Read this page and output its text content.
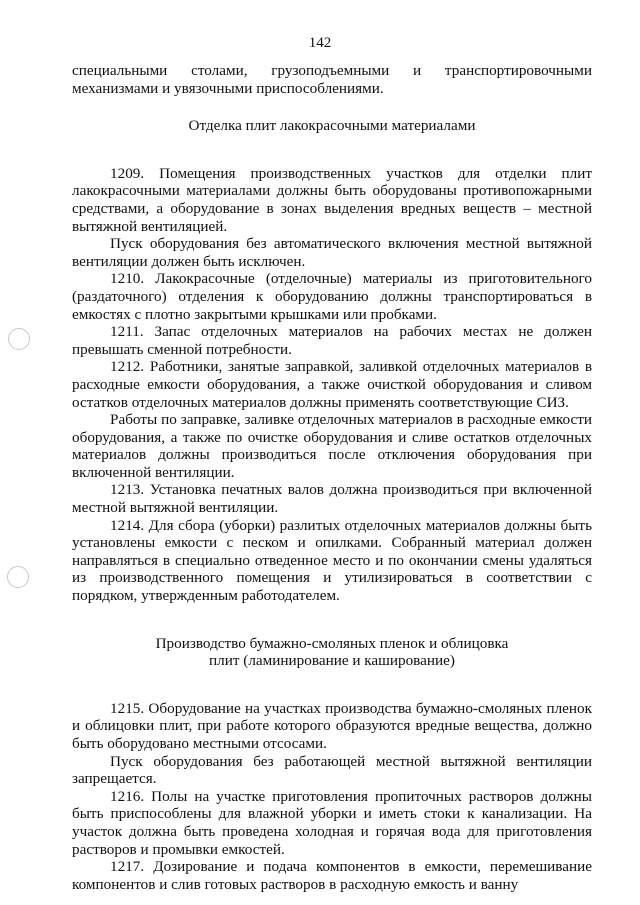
142

специальными столами, грузоподъемными и транспортировочными механизмами и увязочными приспособлениями.

Отделка плит лакокрасочными материалами

1209. Помещения производственных участков для отделки плит лакокрасочными материалами должны быть оборудованы противопожарными средствами, а оборудование в зонах выделения вредных веществ – местной вытяжной вентиляцией.

Пуск оборудования без автоматического включения местной вытяжной вентиляции должен быть исключен.

1210. Лакокрасочные (отделочные) материалы из приготовительного (раздаточного) отделения к оборудованию должны транспортироваться в емкостях с плотно закрытыми крышками или пробками.

1211. Запас отделочных материалов на рабочих местах не должен превышать сменной потребности.

1212. Работники, занятые заправкой, заливкой отделочных материалов в расходные емкости оборудования, а также очисткой оборудования и сливом остатков отделочных материалов должны применять соответствующие СИЗ.

Работы по заправке, заливке отделочных материалов в расходные емкости оборудования, а также по очистке оборудования и сливе остатков отделочных материалов должны производиться после отключения оборудования при включенной вентиляции.

1213. Установка печатных валов должна производиться при включенной местной вытяжной вентиляции.

1214. Для сбора (уборки) разлитых отделочных материалов должны быть установлены емкости с песком и опилками. Собранный материал должен направляться в специально отведенное место и по окончании смены удаляться из производственного помещения и утилизироваться в соответствии с порядком, утвержденным работодателем.

Производство бумажно-смоляных пленок и облицовка

плит (ламинирование и каширование)

1215. Оборудование на участках производства бумажно-смоляных пленок и облицовки плит, при работе которого образуются вредные вещества, должно быть оборудовано местными отсосами.

Пуск оборудования без работающей местной вытяжной вентиляции запрещается.

1216. Полы на участке приготовления пропиточных растворов должны быть приспособлены для влажной уборки и иметь стоки к канализации. На участок должна быть проведена холодная и горячая вода для приготовления растворов и промывки емкостей.

1217. Дозирование и подача компонентов в емкости, перемешивание компонентов и слив готовых растворов в расходную емкость и ванну
